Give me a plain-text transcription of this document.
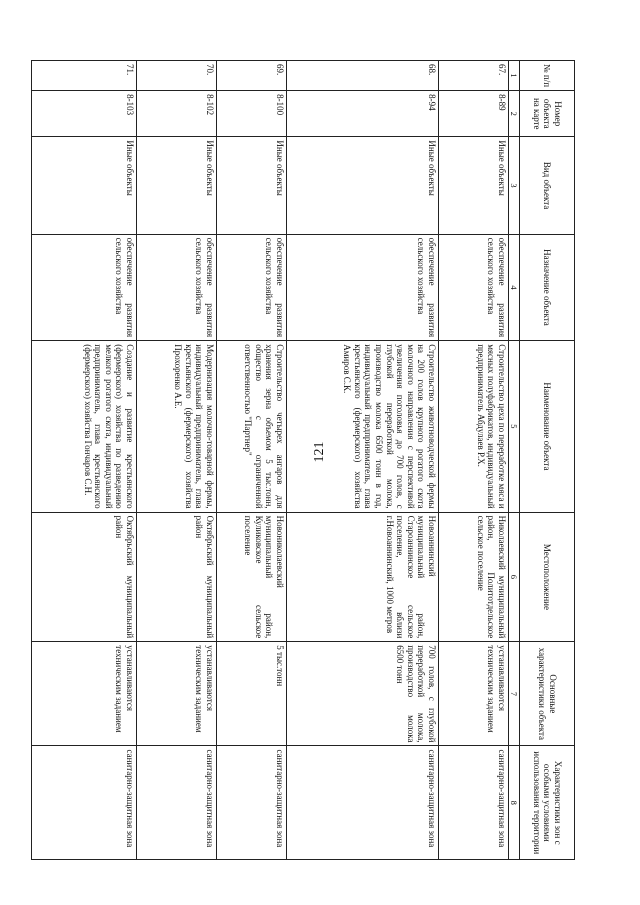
121
№ п/п	Номер объекта на карте	Вид объекта	Назначение объекта	Наименование объекта	Местоположение	Основные характеристики объекта	Характеристики зон с особыми условиями использования территории
1	2	3	4	5	6	7	8
67.	8-89	Иные объекты	обеспечение развития сельского хозяйства	Строительство цеха по переработке мяса и мясных полуфабрикатов, индивидуальный предприниматель Абдулаев Р.Х.	Николаевский муниципальный район, Политотдельское сельское поселение	устанавливаются техническим заданием	санитарно-защитная зона
68.	8-94	Иные объекты	обеспечение развития сельского хозяйства	Строительство животноводческой фермы на 200 голов крупного рогатого скота молочного направления с перспективой увеличения поголовья до 700 голов, с глубокой переработкой молока, производство молока 6500 тонн в год, индивидуальный предприниматель, глава крестьянского (фермерского) хозяйства Амиров С.К.	Новоаннинский муниципальный район, Староаннинское сельское поселение, вблизи г.Новоаннинский, 1000 метров	700 голов, с глубокой переработкой молока, производство молока 6500 тонн	санитарно-защитная зона
69.	8-100	Иные объекты	обеспечение развития сельского хозяйства	Строительство четырех ангаров для хранения зерна объемом 5 тыс.тонн, общество с ограниченной ответственностью "Партнер"	Новониколаевский муниципальный район, Куликовское сельское поселение	5 тыс.тонн	санитарно-защитная зона
70.	8-102	Иные объекты	обеспечение развития сельского хозяйства	Модернизация молочно-товарной фермы, индивидуальный предприниматель, глава крестьянского (фермерского) хозяйства Прохоренко А.Е.	Октябрьский муниципальный район	устанавливаются техническим заданием	санитарно-защитная зона
71.	8-103	Иные объекты	обеспечение развития сельского хозяйства	Создание и развитие крестьянского (фермерского) хозяйства по разведению мелкого рогатого скота, индивидуальный предприниматель, глава крестьянского (фермерского) хозяйства Гончаров С.Н.	Октябрьский муниципальный район	устанавливаются техническим заданием	санитарно-защитная зона
